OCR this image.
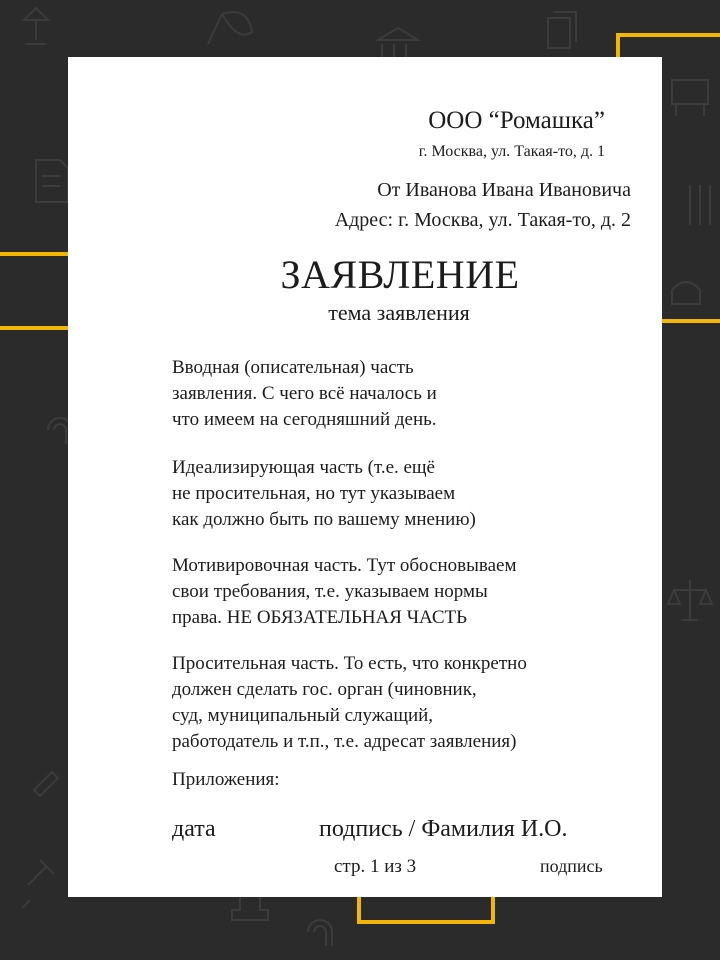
ООО “Ромашка”
г. Москва, ул. Такая-то, д. 1
От Иванова Ивана Ивановича
Адрес: г. Москва, ул. Такая-то, д. 2
ЗАЯВЛЕНИЕ
тема заявления
Вводная (описательная) часть
заявления. С чего всё началось и
что имеем на сегодняшний день.
Идеализирующая часть (т.е. ещё
не просительная, но тут указываем
как должно быть по вашему мнению)
Мотивировочная часть. Тут обосновываем
свои требования, т.е. указываем нормы
права. НЕ ОБЯЗАТЕЛЬНАЯ ЧАСТЬ
Просительная часть. То есть, что конкретно
должен сделать гос. орган (чиновник,
суд, муниципальный служащий,
работодатель и т.п., т.е. адресат заявления)
Приложения:
дата	подпись / Фамилия И.О.
стр. 1 из 3	подпись
